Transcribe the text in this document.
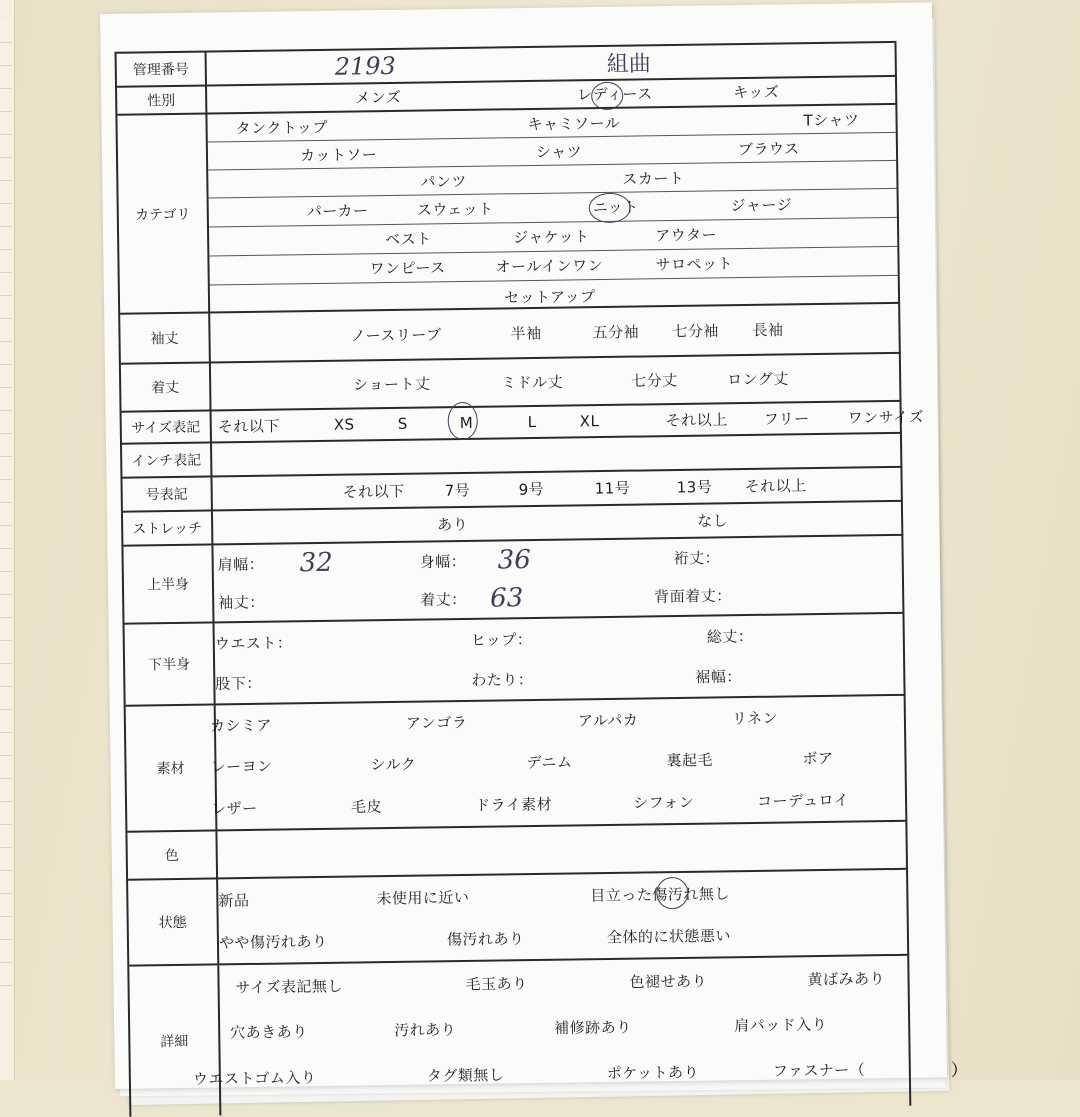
管理番号	2193	組曲
性別	メンズ	レディース	キッズ
カテゴリ
タンクトップ	キャミソール	Tシャツ
カットソー	シャツ	ブラウス
パンツ	スカート
パーカー	スウェット	ニット	ジャージ
ベスト	ジャケット	アウター
ワンピース	オールインワン	サロペット
セットアップ
袖丈	ノースリーブ	半袖	五分袖 七分袖 長袖
着丈	ショート丈	ミドル丈	七分丈	ロング丈
サイズ表記	それ以下	XS	S	M	L	XL	それ以上 フリー	ワンサイズ
インチ表記
号表記	それ以下	7号	9号	11号	13号 それ以上
ストレッチ	あり	なし
上半身
肩幅： 32	身幅： 36	裄丈：
袖丈：	着丈： 63	背面着丈：
下半身
ウエスト：	ヒップ：	総丈：
股下：	わたり：	裾幅：
素材
カシミア	アンゴラ	アルパカ	リネン
レーヨン	シルク	デニム	裏起毛	ボア
レザー	毛皮	ドライ素材	シフォン	コーデュロイ
色
状態
新品	未使用に近い	目立った傷汚れ無し
やや傷汚れあり	傷汚れあり	全体的に状態悪い
詳細
サイズ表記無し	毛玉あり	色褪せあり	黄ばみあり
穴あきあり	汚れあり	補修跡あり	肩パッド入り
ウエストゴム入り	タグ類無し	ポケットあり	ファスナー（	）
